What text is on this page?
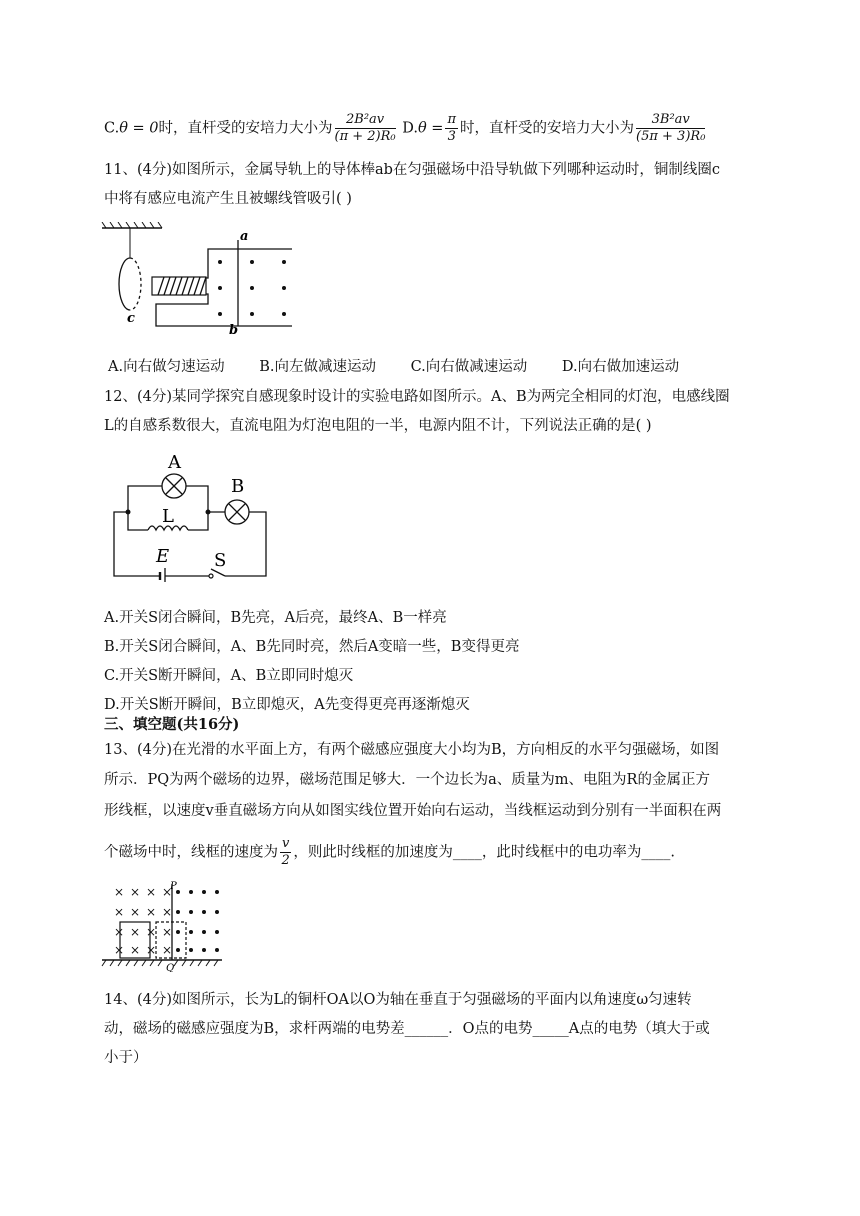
C.θ = 0时，直杆受的安培力大小为 $\frac{\text{2B²av}}{\text{(π + 2)R₀}} D.\theta = \frac{\pi}{3}$ 时，直杆受的安培力大小为 $\frac{\text{3B²av}}{\text{(5π + 3)R₀}}$
11、(4分)如图所示，金属导轨上的导体棒ab在匀强磁场中沿导轨做下列哪种运动时，铜制线圈c
中将有感应电流产生且被螺线管吸引( )
c
a
b
A.向右做匀速运动 B.向左做减速运动 C.向右做减速运动 D.向右做加速运动
12、(4分)某同学探究自感现象时设计的实验电路如图所示。A、B为两完全相同的灯泡，电感线圈
L的自感系数很大，直流电阻为灯泡电阻的一半，电源内阻不计，下列说法正确的是( )
A
L
B
S
E
A.开关S闭合瞬间，B先亮，A后亮，最终A、B一样亮
B.开关S闭合瞬间，A、B先同时亮，然后A变暗一些，B变得更亮
C.开关S断开瞬间，A、B立即同时熄灭
D.开关S断开瞬间，B立即熄灭，A先变得更亮再逐渐熄灭
三、填空题(共16分)
13、(4分)在光滑的水平面上方，有两个磁感应强度大小均为B，方向相反的水平匀强磁场，如图
所示．PQ为两个磁场的边界，磁场范围足够大．一个边长为a、质量为m、电阻为R的金属正方
形线框，以速度v垂直磁场方向从如图实线位置开始向右运动，当线框运动到分别有一半面积在两
个磁场中时，线框的速度为 $\frac{v}{2}$ ，则此时线框的加速度为____，此时线框中的电功率为____.
× × × ×
× × × ×
× × × ×
× × × ×
P
Q
14、(4分)如图所示，长为L的铜杆OA以O为轴在垂直于匀强磁场的平面内以角速度ω匀速转
动，磁场的磁感应强度为B，求杆两端的电势差______．O点的电势_____A点的电势（填大于或
小于）
